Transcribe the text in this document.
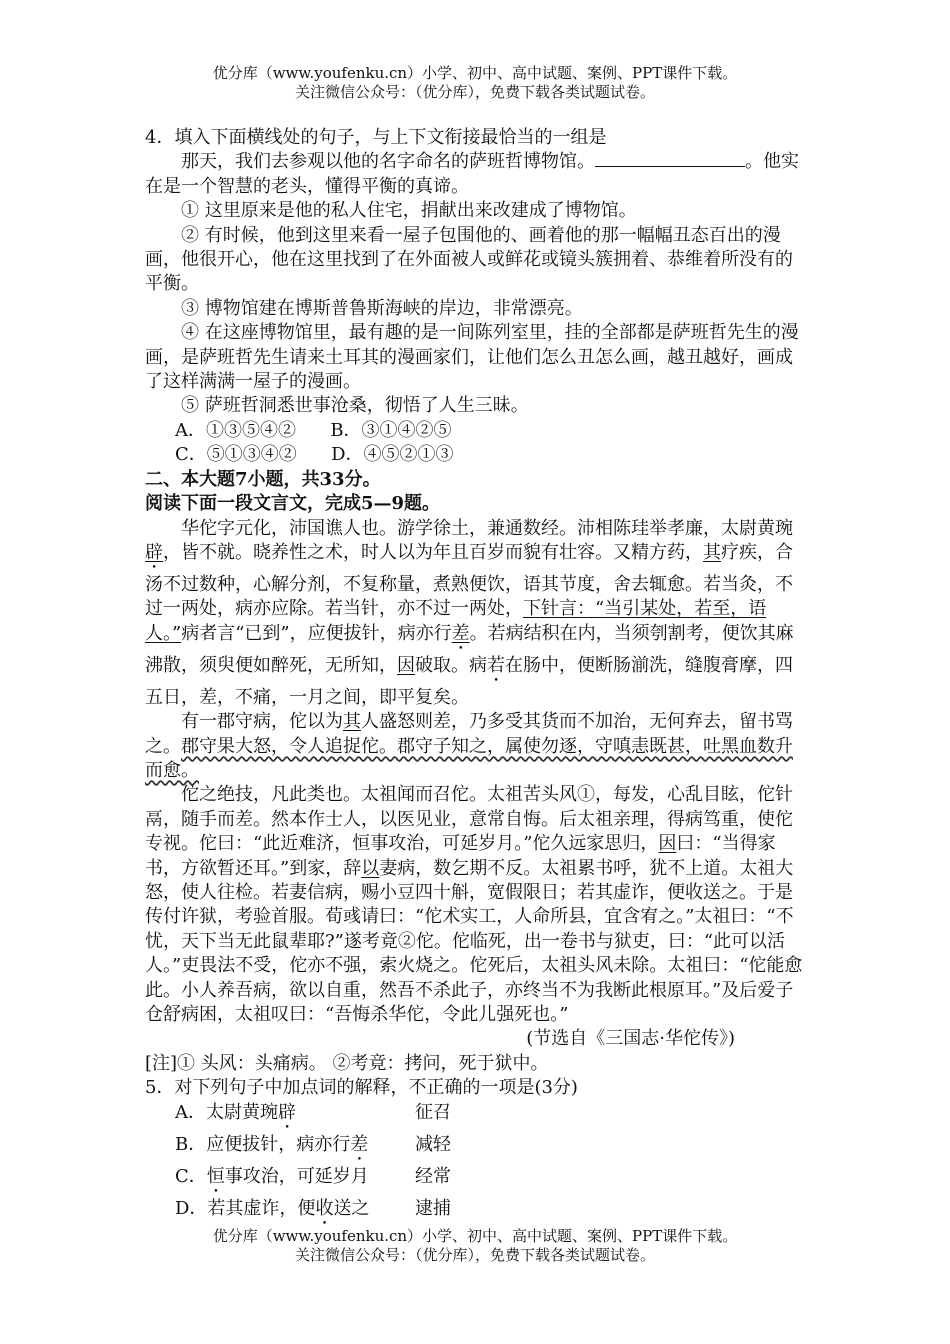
优分库（www.youfenku.cn）小学、初中、高中试题、案例、PPT课件下载。
关注微信公众号：（优分库），免费下载各类试题试卷。

4．填入下面横线处的句子，与上下文衔接最恰当的一组是

那天，我们去参观以他的名字命名的萨班哲博物馆。	。他实在是一个智慧的老头，懂得平衡的真谛。

① 这里原来是他的私人住宅，捐献出来改建成了博物馆。

② 有时候，他到这里来看一屋子包围他的、画着他的那一幅幅丑态百出的漫画，他很开心，他在这里找到了在外面被人或鲜花或镜头簇拥着、恭维着所没有的平衡。

③ 博物馆建在博斯普鲁斯海峡的岸边，非常漂亮。

④ 在这座博物馆里，最有趣的是一间陈列室里，挂的全部都是萨班哲先生的漫画，是萨班哲先生请来土耳其的漫画家们，让他们怎么丑怎么画，越丑越好，画成了这样满满一屋子的漫画。

⑤ 萨班哲洞悉世事沧桑，彻悟了人生三昧。

A．①③⑤④②      B．③①④②⑤

C．⑤①③④②      D．④⑤②①③

二、本大题7小题，共33分。

阅读下面一段文言文，完成5—9题。

华佗字元化，沛国谯人也。游学徐土，兼通数经。沛相陈珪举孝廉，太尉黄琬辟，皆不就。晓养性之术，时人以为年且百岁而貌有壮容。又精方药，其疗疾，合汤不过数种，心解分剂，不复称量，煮熟便饮，语其节度，舍去辄愈。若当灸，不过一两处，病亦应除。若当针，亦不过一两处，下针言：“当引某处，若至，语人。”病者言“已到”，应便拔针，病亦行差。若病结积在内，当须刳割考，便饮其麻沸散，须臾便如醉死，无所知，因破取。病若在肠中，便断肠湔洗，缝腹膏摩，四五日，差，不痛，一月之间，即平复矣。

有一郡守病，佗以为其人盛怒则差，乃多受其货而不加治，无何弃去，留书骂之。郡守果大怒，令人追捉佗。郡守子知之，属使勿逐，守嗔恚既甚，吐黑血数升而愈。

佗之绝技，凡此类也。太祖闻而召佗。太祖苦头风①，每发，心乱目眩，佗针鬲，随手而差。然本作士人，以医见业，意常自悔。后太祖亲理，得病笃重，使佗专视。佗曰：“此近难济，恒事攻治，可延岁月。”佗久远家思归，因曰：“当得家书，方欲暂还耳。”到家，辞以妻病，数乞期不反。太祖累书呼，犹不上道。太祖大怒，使人往检。若妻信病，赐小豆四十斛，宽假限日；若其虚诈，便收送之。于是传付许狱，考验首服。荀彧请曰：“佗术实工，人命所县，宜含宥之。”太祖曰：“不忧，天下当无此鼠辈耶?”遂考竟②佗。佗临死，出一卷书与狱吏，曰：“此可以活人。”吏畏法不受，佗亦不强，索火烧之。佗死后，太祖头风未除。太祖曰：“佗能愈此。小人养吾病，欲以自重，然吾不杀此子，亦终当不为我断此根原耳。”及后爱子仓舒病困，太祖叹曰：“吾悔杀华佗，令此儿强死也。”

(节选自《三国志·华佗传》)

[注]① 头风：头痛病。 ②考竟：拷问，死于狱中。

5．对下列句子中加点词的解释，不正确的一项是(3分)

A．太尉黄琬辟	征召
B．应便拔针，病亦行差	减轻
C．恒事攻治，可延岁月	经常
D．若其虚诈，便收送之	逮捕
优分库（www.youfenku.cn）小学、初中、高中试题、案例、PPT课件下载。
关注微信公众号：（优分库），免费下载各类试题试卷。
